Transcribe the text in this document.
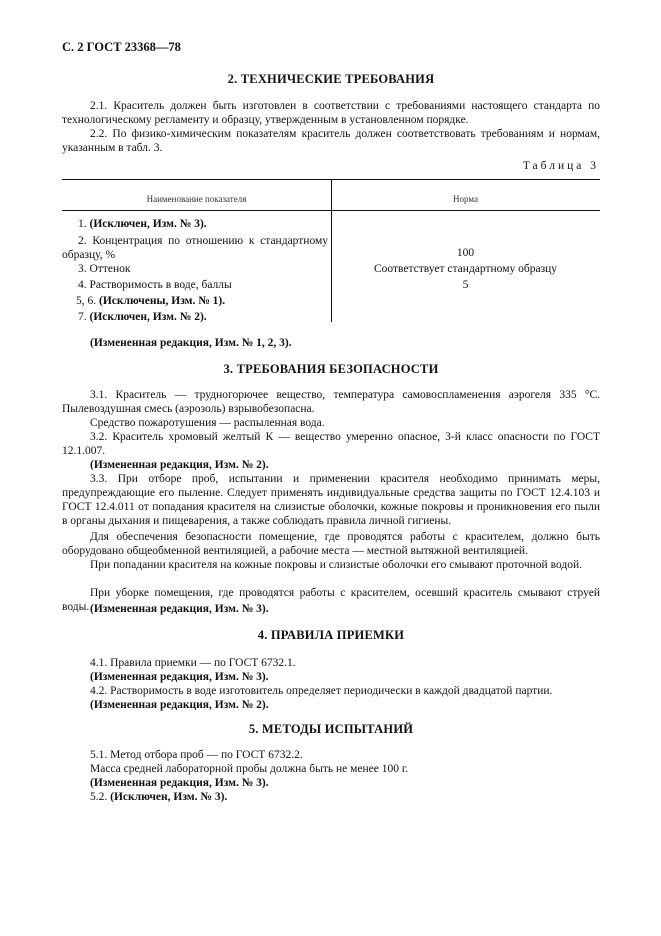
С. 2 ГОСТ 23368—78
2. ТЕХНИЧЕСКИЕ ТРЕБОВАНИЯ
2.1. Краситель должен быть изготовлен в соответствии с требованиями настоящего стандарта по технологическому регламенту и образцу, утвержденным в установленном порядке.
2.2. По физико-химическим показателям краситель должен соответствовать требованиям и нормам, указанным в табл. 3.
Таблица 3
Наименование показателя	Норма
1. (Исключен, Изм. № 3).
2. Концентрация по отношению к стандартному образцу, %	100
3. Оттенок	Соответствует стандартному образцу
4. Растворимость в воде, баллы	5
5, 6. (Исключены, Изм. № 1).
7. (Исключен, Изм. № 2).
(Измененная редакция, Изм. № 1, 2, 3).
3. ТРЕБОВАНИЯ БЕЗОПАСНОСТИ
3.1. Краситель — трудногорючее вещество, температура самовоспламенения аэрогеля 335 °С. Пылевоздушная смесь (аэрозоль) взрывобезопасна.
Средство пожаротушения — распыленная вода.
3.2. Краситель хромовый желтый К — вещество умеренно опасное, 3-й класс опасности по ГОСТ 12.1.007.
(Измененная редакция, Изм. № 2).
3.3. При отборе проб, испытании и применении красителя необходимо принимать меры, предупреждающие его пыление. Следует применять индивидуальные средства защиты по ГОСТ 12.4.103 и ГОСТ 12.4.011 от попадания красителя на слизистые оболочки, кожные покровы и проникновения его пыли в органы дыхания и пищеварения, а также соблюдать правила личной гигиены.
Для обеспечения безопасности помещение, где проводятся работы с красителем, должно быть оборудовано общеобменной вентиляцией, а рабочие места — местной вытяжной вентиляцией.
При попадании красителя на кожные покровы и слизистые оболочки его смывают проточной водой.
При уборке помещения, где проводятся работы с красителем, осевший краситель смывают струей воды. (Измененная редакция, Изм. № 3).
4. ПРАВИЛА ПРИЕМКИ
4.1. Правила приемки — по ГОСТ 6732.1.
(Измененная редакция, Изм. № 3).
4.2. Растворимость в воде изготовитель определяет периодически в каждой двадцатой партии.
(Измененная редакция, Изм. № 2).
5. МЕТОДЫ ИСПЫТАНИЙ
5.1. Метод отбора проб — по ГОСТ 6732.2.
Масса средней лабораторной пробы должна быть не менее 100 г.
(Измененная редакция, Изм. № 3).
5.2. (Исключен, Изм. № 3).
